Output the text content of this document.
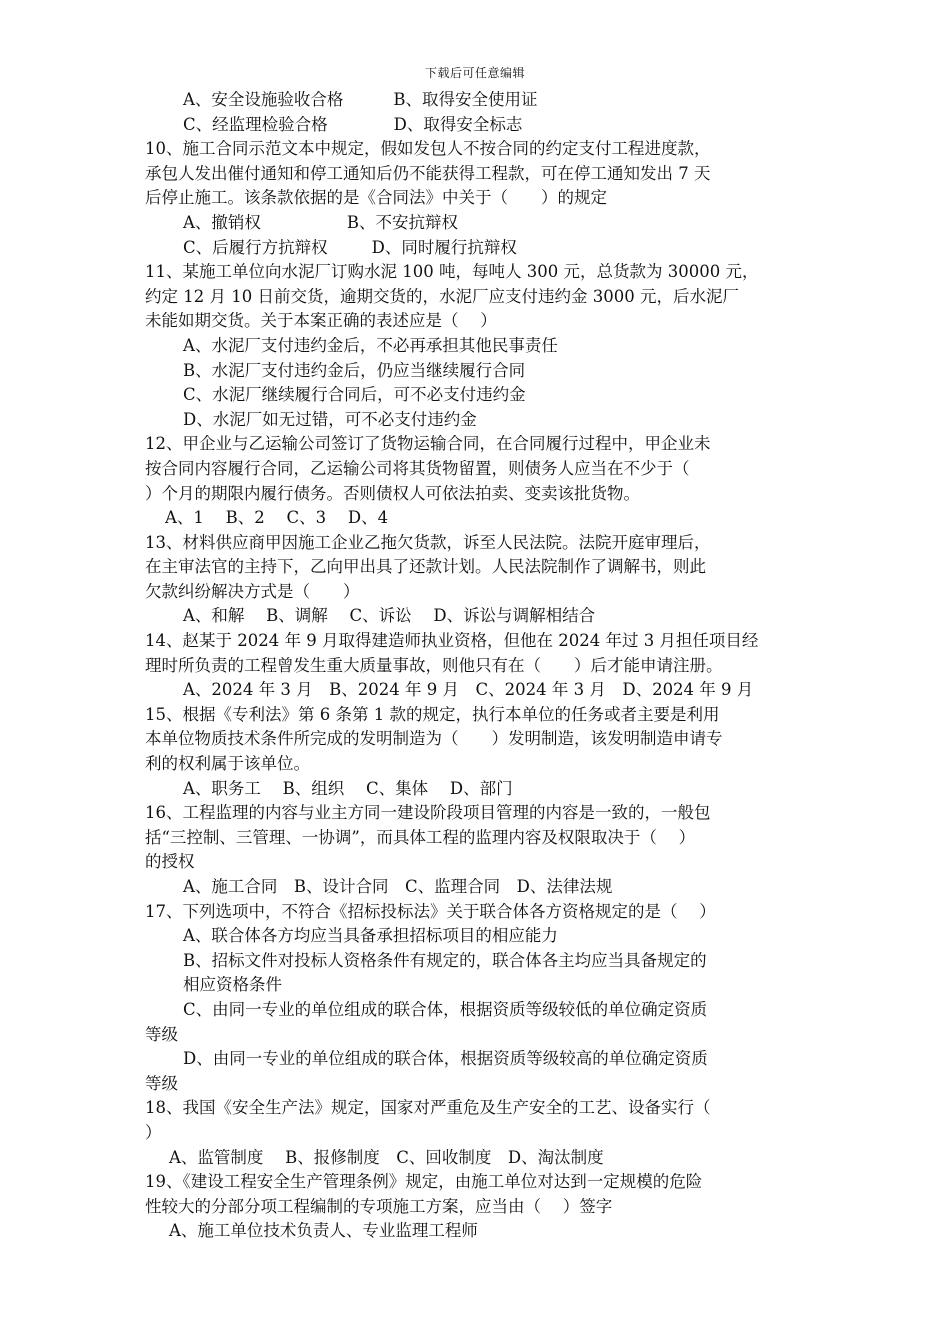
下载后可任意编辑
A、安全设施验收合格	B、取得安全使用证
C、经监理检验合格	D、取得安全标志
10、施工合同示范文本中规定，假如发包人不按合同的约定支付工程进度款，
承包人发出催付通知和停工通知后仍不能获得工程款，可在停工通知发出 7 天
后停止施工。该条款依据的是《合同法》中关于（　　）的规定
A、撤销权	B、不安抗辩权
C、后履行方抗辩权	D、同时履行抗辩权
11、某施工单位向水泥厂订购水泥 100 吨，每吨人 300 元，总货款为 30000 元，
约定 12 月 10 日前交货，逾期交货的，水泥厂应支付违约金 3000 元，后水泥厂
未能如期交货。关于本案正确的表述应是（　 ）
A、水泥厂支付违约金后，不必再承担其他民事责任
B、水泥厂支付违约金后，仍应当继续履行合同
C、水泥厂继续履行合同后，可不必支付违约金
D、水泥厂如无过错，可不必支付违约金
12、甲企业与乙运输公司签订了货物运输合同，在合同履行过程中，甲企业未
按合同内容履行合同，乙运输公司将其货物留置，则债务人应当在不少于（
）个月的期限内履行债务。否则债权人可依法拍卖、变卖该批货物。
A、1　 B、2　 C、3　 D、4
13、材料供应商甲因施工企业乙拖欠货款，诉至人民法院。法院开庭审理后，
在主审法官的主持下，乙向甲出具了还款计划。人民法院制作了调解书，则此
欠款纠纷解决方式是（　　）
A、和解　 B、调解　 C、诉讼　 D、诉讼与调解相结合
14、赵某于 2024 年 9 月取得建造师执业资格，但他在 2024 年过 3 月担任项目经
理时所负责的工程曾发生重大质量事故，则他只有在（　　）后才能申请注册。
A、2024 年 3 月　B、2024 年 9 月　C、2024 年 3 月　D、2024 年 9 月
15、根据《专利法》第 6 条第 1 款的规定，执行本单位的任务或者主要是利用
本单位物质技术条件所完成的发明制造为（　　）发明制造，该发明制造申请专
利的权利属于该单位。
A、职务工　 B、组织　 C、集体　 D、部门
16、工程监理的内容与业主方同一建设阶段项目管理的内容是一致的，一般包
括“三控制、三管理、一协调”，而具体工程的监理内容及权限取决于（　 ）
的授权
A、施工合同　B、设计合同　C、监理合同　D、法律法规
17、下列选项中，不符合《招标投标法》关于联合体各方资格规定的是（　 ）
A、联合体各方均应当具备承担招标项目的相应能力
B、招标文件对投标人资格条件有规定的，联合体各主均应当具备规定的
相应资格条件
C、由同一专业的单位组成的联合体，根据资质等级较低的单位确定资质
等级
D、由同一专业的单位组成的联合体，根据资质等级较高的单位确定资质
等级
18、我国《安全生产法》规定，国家对严重危及生产安全的工艺、设备实行（
）
A、监管制度　 B、报修制度　C、回收制度　D、淘汰制度
19、《建设工程安全生产管理条例》规定，由施工单位对达到一定规模的危险
性较大的分部分项工程编制的专项施工方案，应当由（　 ）签字
A、施工单位技术负责人、专业监理工程师
